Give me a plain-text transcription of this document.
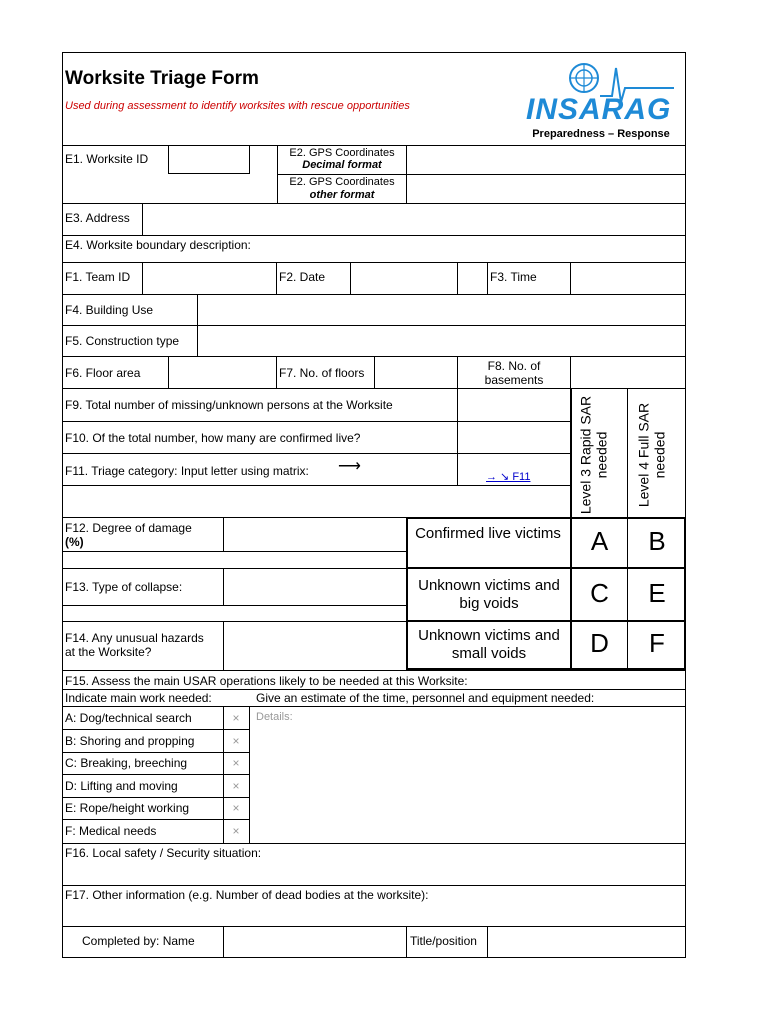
Worksite Triage Form
Used during assessment to identify worksites with rescue opportunities	INSARAG
Preparedness – Response
E1. Worksite ID	E2. GPS Coordinates
Decimal format
E2. GPS Coordinates
other format
E3. Address
E4. Worksite boundary description:
F1. Team ID	F2. Date	F3. Time
F4. Building Use
F5. Construction type
F6. Floor area	F7. No. of floors	F8. No. of
basements
F9. Total number of missing/unknown persons at the Worksite
F10. Of the total number, how many are confirmed live?
F11. Triage category: Input letter using matrix: ⟶
→ ↘ F11	Level 3 Rapid SAR needed	Level 4 Full SAR needed
F12. Degree of damage
(%)
F13. Type of collapse:
F14. Any unusual hazards
at the Worksite?
Confirmed live victims	A	B
Unknown victims and big voids	C	E
Unknown victims and small voids	D	F
F15. Assess the main USAR operations likely to be needed at this Worksite:
Indicate main work needed:	Give an estimate of the time, personnel and equipment needed:
A: Dog/technical search	×
B: Shoring and propping	×
C: Breaking, breeching	×
D: Lifting and moving	×
E: Rope/height working	×
F: Medical needs	×
Details:
F16. Local safety / Security situation:
F17. Other information (e.g. Number of dead bodies at the worksite):
Completed by: Name	Title/position
